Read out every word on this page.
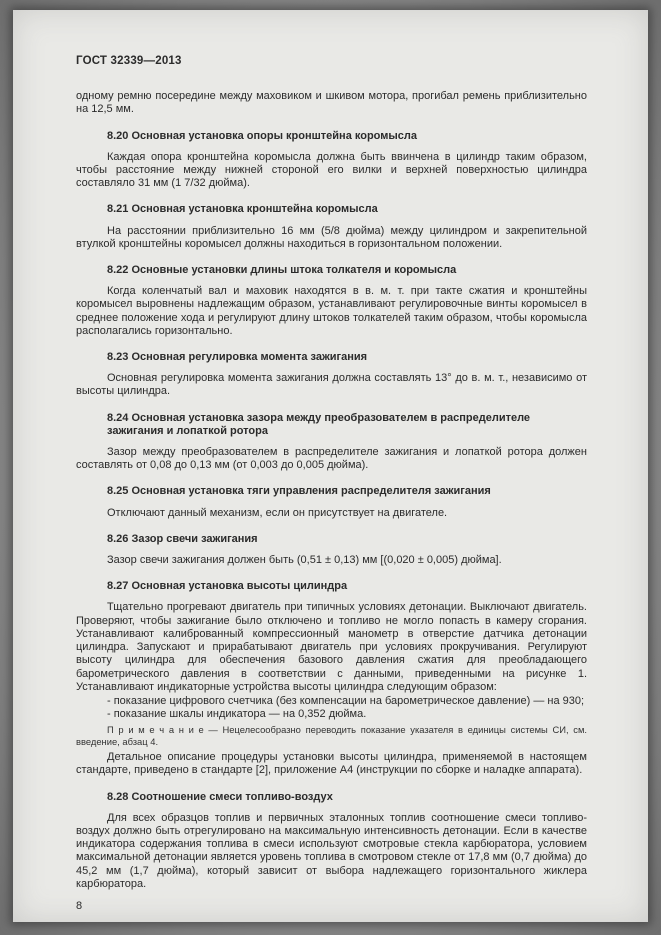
ГОСТ 32339—2013

одному ремню посередине между маховиком и шкивом мотора, прогибал ремень приблизительно на 12,5 мм.

8.20 Основная установка опоры кронштейна коромысла

Каждая опора кронштейна коромысла должна быть ввинчена в цилиндр таким образом, чтобы расстояние между нижней стороной его вилки и верхней поверхностью цилиндра составляло 31 мм (1 7/32 дюйма).

8.21 Основная установка кронштейна коромысла

На расстоянии приблизительно 16 мм (5/8 дюйма) между цилиндром и закрепительной втулкой кронштейны коромысел должны находиться в горизонтальном положении.

8.22 Основные установки длины штока толкателя и коромысла

Когда коленчатый вал и маховик находятся в в. м. т. при такте сжатия и кронштейны коромысел выровнены надлежащим образом, устанавливают регулировочные винты коромысел в среднее положение хода и регулируют длину штоков толкателей таким образом, чтобы коромысла располагались горизонтально.

8.23 Основная регулировка момента зажигания

Основная регулировка момента зажигания должна составлять 13° до в. м. т., независимо от высоты цилиндра.

8.24 Основная установка зазора между преобразователем в распределителе зажигания и лопаткой ротора

Зазор между преобразователем в распределителе зажигания и лопаткой ротора должен составлять от 0,08 до 0,13 мм (от 0,003 до 0,005 дюйма).

8.25 Основная установка тяги управления распределителя зажигания

Отключают данный механизм, если он присутствует на двигателе.

8.26 Зазор свечи зажигания

Зазор свечи зажигания должен быть (0,51 ± 0,13) мм [(0,020 ± 0,005) дюйма].

8.27 Основная установка высоты цилиндра

Тщательно прогревают двигатель при типичных условиях детонации. Выключают двигатель. Проверяют, чтобы зажигание было отключено и топливо не могло попасть в камеру сгорания. Устанавливают калиброванный компрессионный манометр в отверстие датчика детонации цилиндра. Запускают и прирабатывают двигатель при условиях прокручивания. Регулируют высоту цилиндра для обеспечения базового давления сжатия для преобладающего барометрического давления в соответствии с данными, приведенными на рисунке 1. Устанавливают индикаторные устройства высоты цилиндра следующим образом:

- показание цифрового счетчика (без компенсации на барометрическое давление) — на 930;

- показание шкалы индикатора — на 0,352 дюйма.

П р и м е ч а н и е — Нецелесообразно переводить показание указателя в единицы системы СИ, см. введение, абзац 4.

Детальное описание процедуры установки высоты цилиндра, применяемой в настоящем стандарте, приведено в стандарте [2], приложение А4 (инструкции по сборке и наладке аппарата).

8.28 Соотношение смеси топливо-воздух

Для всех образцов топлив и первичных эталонных топлив соотношение смеси топливо-воздух должно быть отрегулировано на максимальную интенсивность детонации. Если в качестве индикатора содержания топлива в смеси используют смотровые стекла карбюратора, условием максимальной детонации является уровень топлива в смотровом стекле от 17,8 мм (0,7 дюйма) до 45,2 мм (1,7 дюйма), который зависит от выбора надлежащего горизонтального жиклера карбюратора.

8
